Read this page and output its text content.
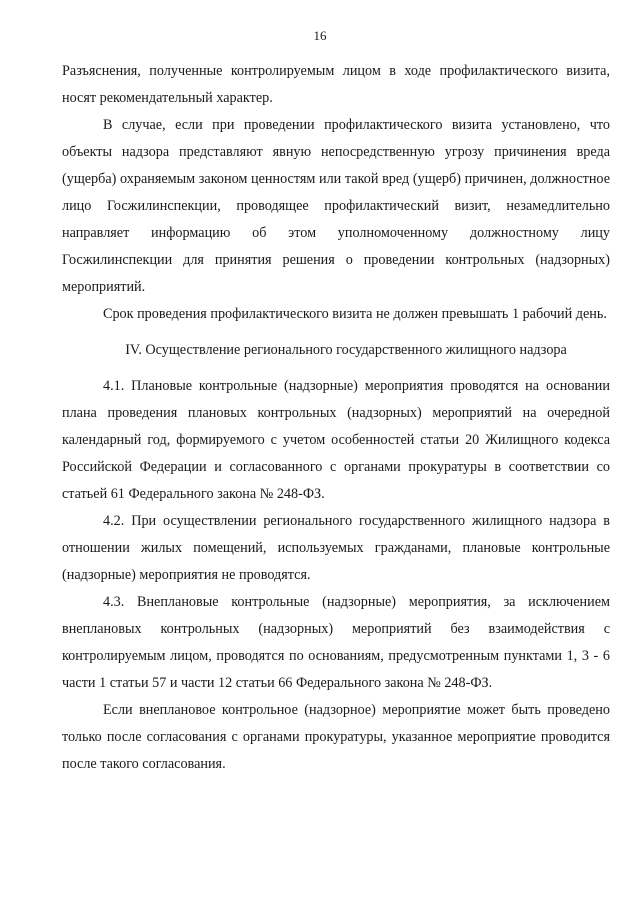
16

Разъяснения, полученные контролируемым лицом в ходе профилактического визита, носят рекомендательный характер.

В случае, если при проведении профилактического визита установлено, что объекты надзора представляют явную непосредственную угрозу причинения вреда (ущерба) охраняемым законом ценностям или такой вред (ущерб) причинен, должностное лицо Госжилинспекции, проводящее профилактический визит, незамедлительно направляет информацию об этом уполномоченному должностному лицу Госжилинспекции для принятия решения о проведении контрольных (надзорных) мероприятий.

Срок проведения профилактического визита не должен превышать 1 рабочий день.

IV. Осуществление регионального государственного жилищного надзора

4.1. Плановые контрольные (надзорные) мероприятия проводятся на основании плана проведения плановых контрольных (надзорных) мероприятий на очередной календарный год, формируемого с учетом особенностей статьи 20 Жилищного кодекса Российской Федерации и согласованного с органами прокуратуры в соответствии со статьей 61 Федерального закона № 248-ФЗ.

4.2. При осуществлении регионального государственного жилищного надзора в отношении жилых помещений, используемых гражданами, плановые контрольные (надзорные) мероприятия не проводятся.

4.3. Внеплановые контрольные (надзорные) мероприятия, за исключением внеплановых контрольных (надзорных) мероприятий без взаимодействия с контролируемым лицом, проводятся по основаниям, предусмотренным пунктами 1, 3 - 6 части 1 статьи 57 и части 12 статьи 66 Федерального закона № 248-ФЗ.

Если внеплановое контрольное (надзорное) мероприятие может быть проведено только после согласования с органами прокуратуры, указанное мероприятие проводится после такого согласования.
